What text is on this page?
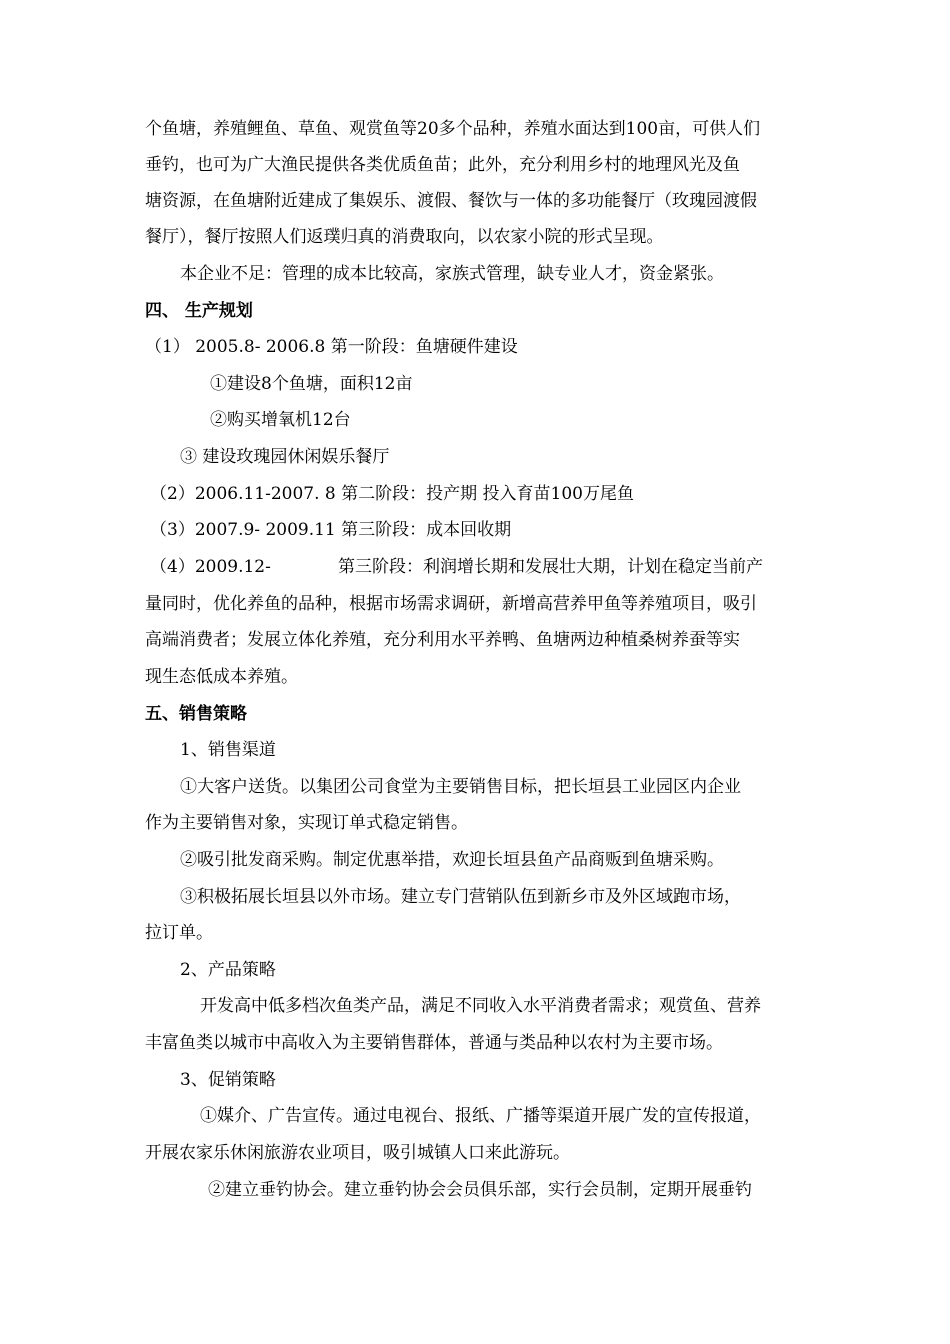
个鱼塘，养殖鲤鱼、草鱼、观赏鱼等20多个品种，养殖水面达到100亩，可供人们
垂钓，也可为广大渔民提供各类优质鱼苗；此外，充分利用乡村的地理风光及鱼
塘资源，在鱼塘附近建成了集娱乐、渡假、餐饮与一体的多功能餐厅（玫瑰园渡假
餐厅），餐厅按照人们返璞归真的消费取向，以农家小院的形式呈现。
本企业不足：管理的成本比较高，家族式管理，缺专业人才，资金紧张。
四、 生产规划
（1） 2005.8- 2006.8 第一阶段：鱼塘硬件建设
①建设8个鱼塘，面积12亩
②购买增氧机12台
③ 建设玫瑰园休闲娱乐餐厅
（2）2006.11-2007. 8 第二阶段：投产期 投入育苗100万尾鱼
（3）2007.9- 2009.11 第三阶段：成本回收期
（4）2009.12-	第三阶段：利润增长期和发展壮大期，计划在稳定当前产
量同时，优化养鱼的品种，根据市场需求调研，新增高营养甲鱼等养殖项目，吸引
高端消费者；发展立体化养殖，充分利用水平养鸭、鱼塘两边种植桑树养蚕等实
现生态低成本养殖。
五、销售策略
1、销售渠道
①大客户送货。以集团公司食堂为主要销售目标，把长垣县工业园区内企业
作为主要销售对象，实现订单式稳定销售。
②吸引批发商采购。制定优惠举措，欢迎长垣县鱼产品商贩到鱼塘采购。
③积极拓展长垣县以外市场。建立专门营销队伍到新乡市及外区域跑市场，
拉订单。
2、产品策略
开发高中低多档次鱼类产品，满足不同收入水平消费者需求；观赏鱼、营养
丰富鱼类以城市中高收入为主要销售群体，普通与类品种以农村为主要市场。
3、促销策略
①媒介、广告宣传。通过电视台、报纸、广播等渠道开展广发的宣传报道，
开展农家乐休闲旅游农业项目，吸引城镇人口来此游玩。
②建立垂钓协会。建立垂钓协会会员俱乐部，实行会员制，定期开展垂钓
